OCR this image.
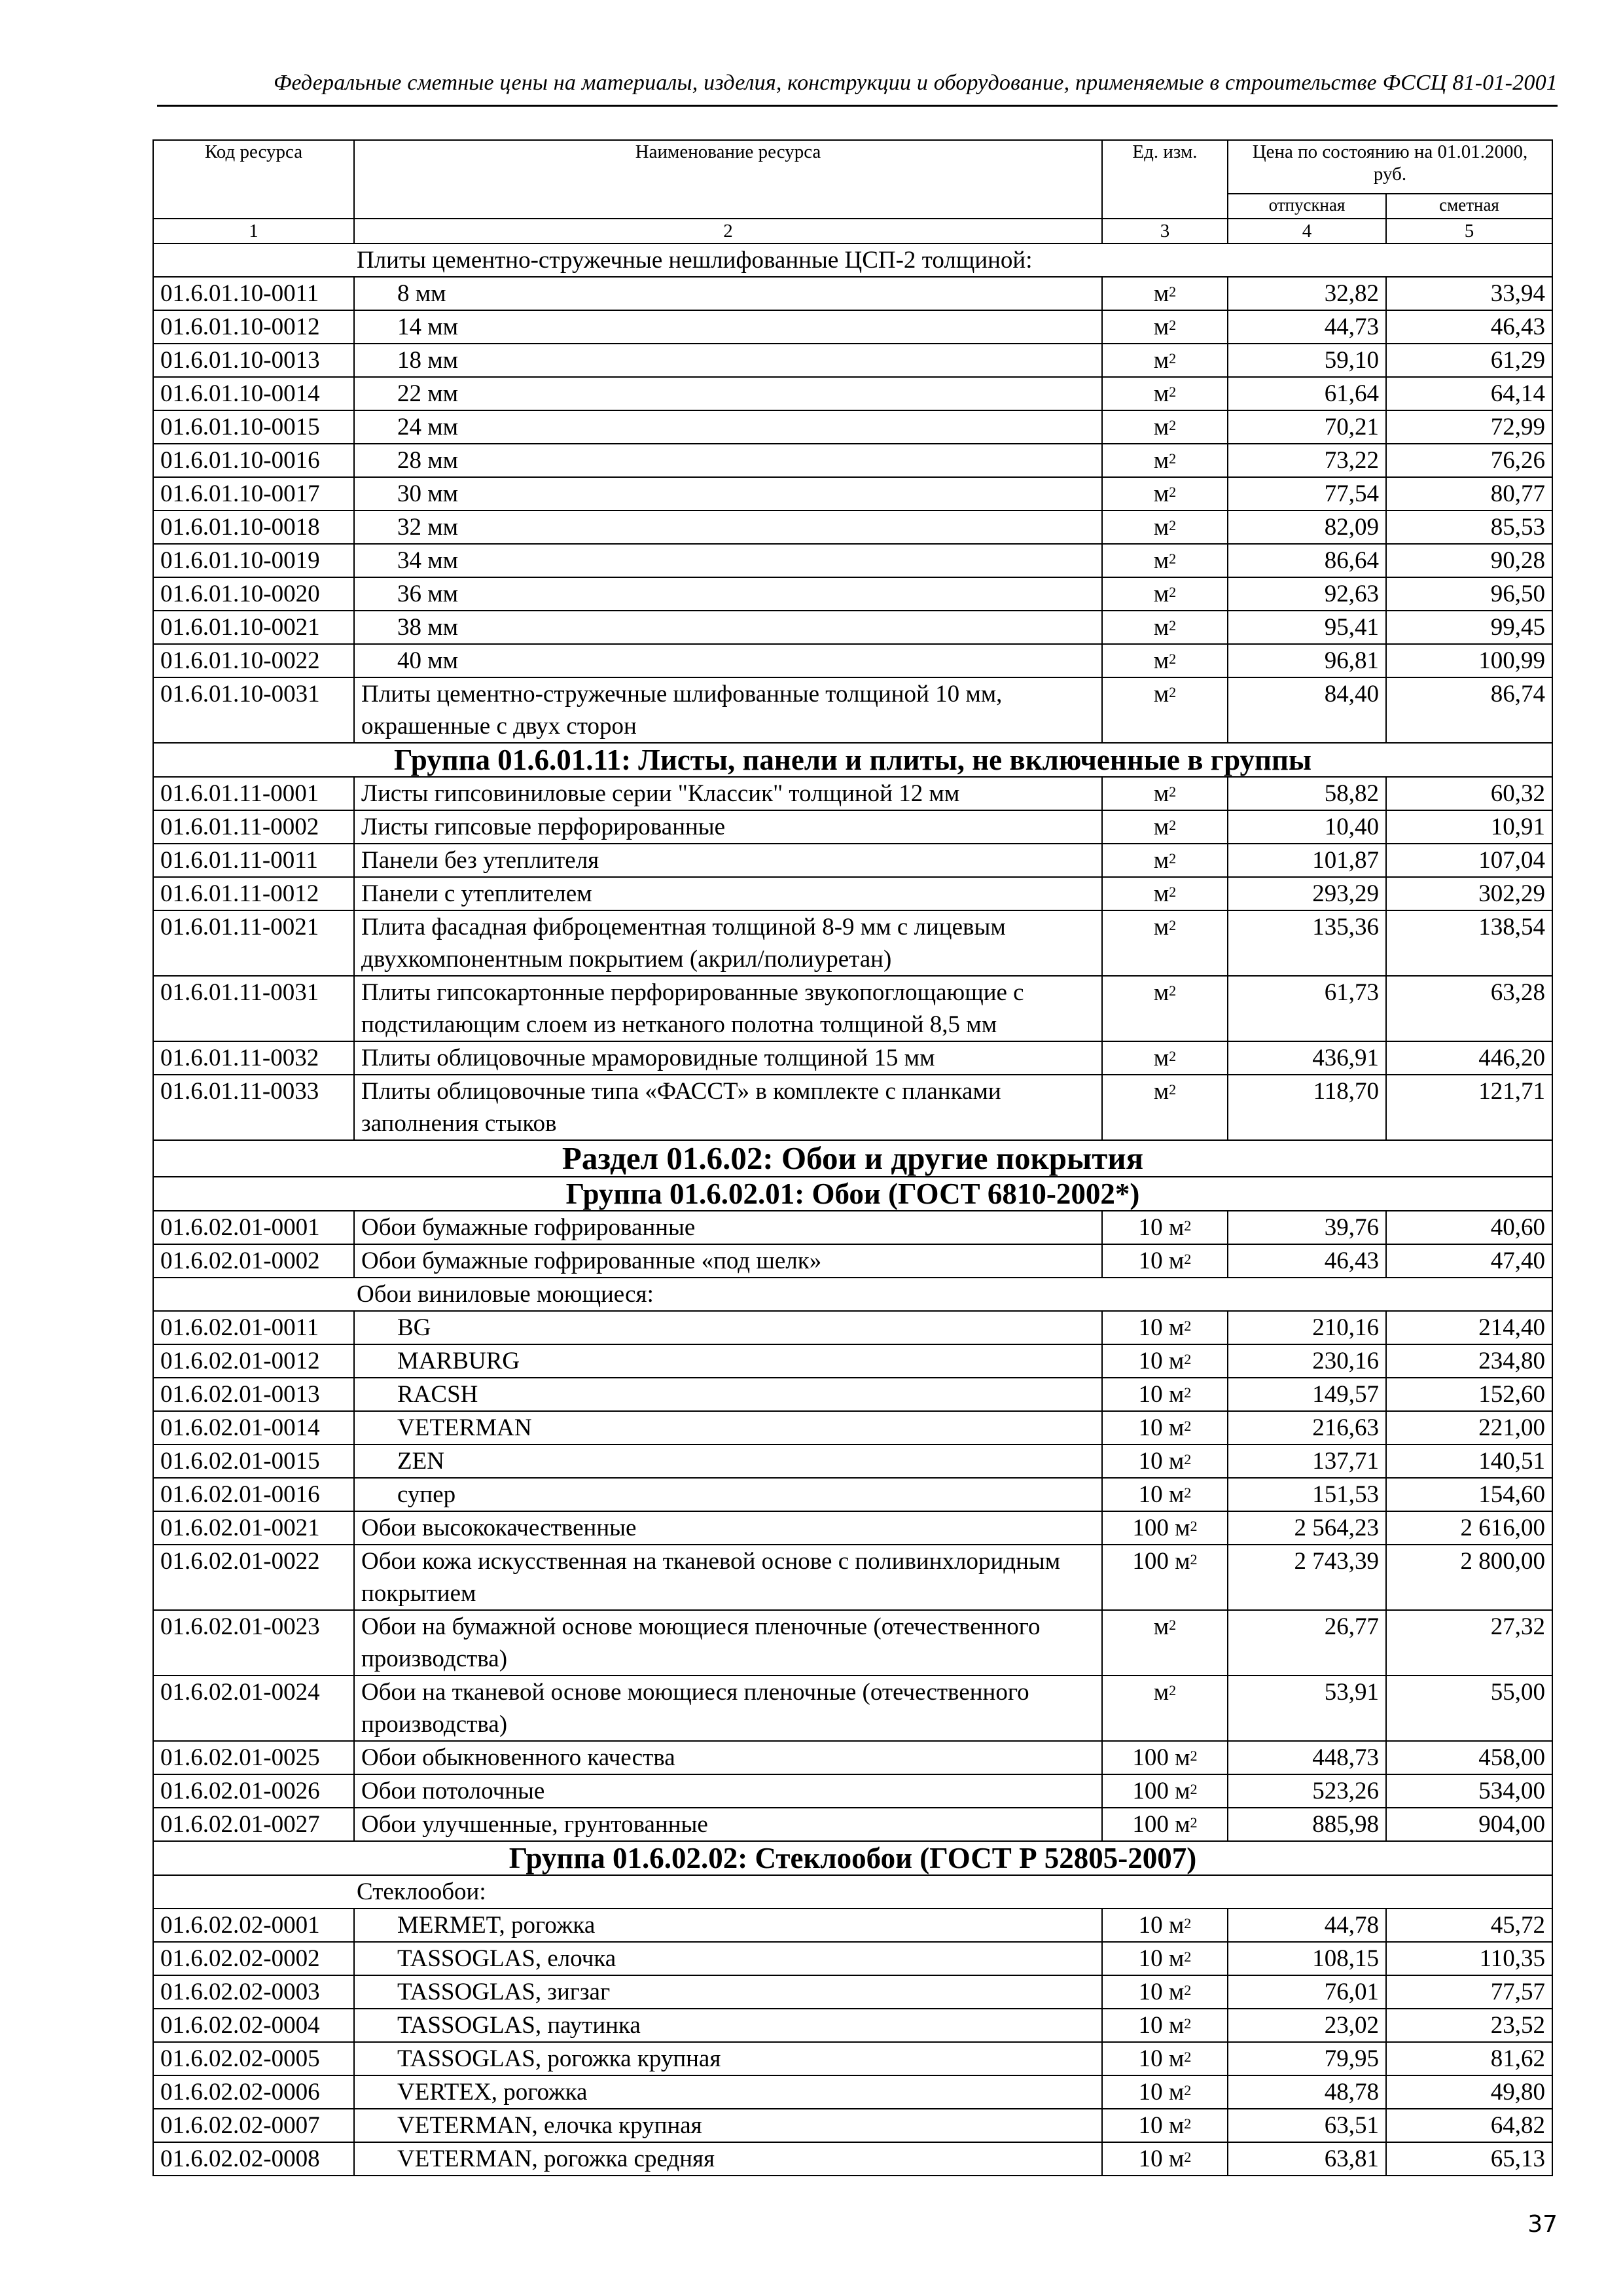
Федеральные сметные цены на материалы, изделия, конструкции и оборудование, применяемые в строительстве ФССЦ 81-01-2001
Код ресурса	Наименование ресурса	Ед. изм.	Цена по состоянию на 01.01.2000, руб.	
			отпускная	сметная
1	2	3	4	5
Плиты цементно-стружечные нешлифованные ЦСП-2 толщиной:				
01.6.01.10-0011	8 мм	$м^2$	32,82	33,94
01.6.01.10-0012	14 мм	$м^2$	44,73	46,43
01.6.01.10-0013	18 мм	$м^2$	59,10	61,29
01.6.01.10-0014	22 мм	$м^2$	61,64	64,14
01.6.01.10-0015	24 мм	$м^2$	70,21	72,99
01.6.01.10-0016	28 мм	$м^2$	73,22	76,26
01.6.01.10-0017	30 мм	$м^2$	77,54	80,77
01.6.01.10-0018	32 мм	$м^2$	82,09	85,53
01.6.01.10-0019	34 мм	$м^2$	86,64	90,28
01.6.01.10-0020	36 мм	$м^2$	92,63	96,50
01.6.01.10-0021	38 мм	$м^2$	95,41	99,45
01.6.01.10-0022	40 мм	$м^2$	96,81	100,99
01.6.01.10-0031	Плиты цементно-стружечные шлифованные толщиной 10 мм, окрашенные с двух сторон	$м^2$	84,40	86,74
Группа 01.6.01.11: Листы, панели и плиты, не включенные в группы				
01.6.01.11-0001	Листы гипсовиниловые серии "Классик" толщиной 12 мм	$м^2$	58,82	60,32
01.6.01.11-0002	Листы гипсовые перфорированные	$м^2$	10,40	10,91
01.6.01.11-0011	Панели без утеплителя	$м^2$	101,87	107,04
01.6.01.11-0012	Панели с утеплителем	$м^2$	293,29	302,29
01.6.01.11-0021	Плита фасадная фиброцементная толщиной 8-9 мм с лицевым двухкомпонентным покрытием (акрил/полиуретан)	$м^2$	135,36	138,54
01.6.01.11-0031	Плиты гипсокартонные перфорированные звукопоглощающие с подстилающим слоем из нетканого полотна толщиной 8,5 мм	$м^2$	61,73	63,28
01.6.01.11-0032	Плиты облицовочные мраморовидные толщиной 15 мм	$м^2$	436,91	446,20
01.6.01.11-0033	Плиты облицовочные типа «ФАССТ» в комплекте с планками заполнения стыков	$м^2$	118,70	121,71
Раздел 01.6.02: Обои и другие покрытия				
Группа 01.6.02.01: Обои (ГОСТ 6810-2002*)				
01.6.02.01-0001	Обои бумажные гофрированные	10 $м^2$	39,76	40,60
01.6.02.01-0002	Обои бумажные гофрированные «под шелк»	10 $м^2$	46,43	47,40
Обои виниловые моющиеся:				
01.6.02.01-0011	BG	10 $м^2$	210,16	214,40
01.6.02.01-0012	MARBURG	10 $м^2$	230,16	234,80
01.6.02.01-0013	RACSH	10 $м^2$	149,57	152,60
01.6.02.01-0014	VETERMAN	10 $м^2$	216,63	221,00
01.6.02.01-0015	ZEN	10 $м^2$	137,71	140,51
01.6.02.01-0016	супер	10 $м^2$	151,53	154,60
01.6.02.01-0021	Обои высококачественные	100 $м^2$	2 564,23	2 616,00
01.6.02.01-0022	Обои кожа искусственная на тканевой основе с поливинхлоридным покрытием	100 $м^2$	2 743,39	2 800,00
01.6.02.01-0023	Обои на бумажной основе моющиеся пленочные (отечественного производства)	$м^2$	26,77	27,32
01.6.02.01-0024	Обои на тканевой основе моющиеся пленочные (отечественного производства)	$м^2$	53,91	55,00
01.6.02.01-0025	Обои обыкновенного качества	100 $м^2$	448,73	458,00
01.6.02.01-0026	Обои потолочные	100 $м^2$	523,26	534,00
01.6.02.01-0027	Обои улучшенные, грунтованные	100 $м^2$	885,98	904,00
Группа 01.6.02.02: Стеклообои (ГОСТ Р 52805-2007)				
Стеклообои:				
01.6.02.02-0001	MERMET, рогожка	10 $м^2$	44,78	45,72
01.6.02.02-0002	TASSOGLAS, елочка	10 $м^2$	108,15	110,35
01.6.02.02-0003	TASSOGLAS, зигзаг	10 $м^2$	76,01	77,57
01.6.02.02-0004	TASSOGLAS, паутинка	10 $м^2$	23,02	23,52
01.6.02.02-0005	TASSOGLAS, рогожка крупная	10 $м^2$	79,95	81,62
01.6.02.02-0006	VERTEX, рогожка	10 $м^2$	48,78	49,80
01.6.02.02-0007	VETERMAN, елочка крупная	10 $м^2$	63,51	64,82
01.6.02.02-0008	VETERMAN, рогожка средняя	10 $м^2$	63,81	65,13
37
